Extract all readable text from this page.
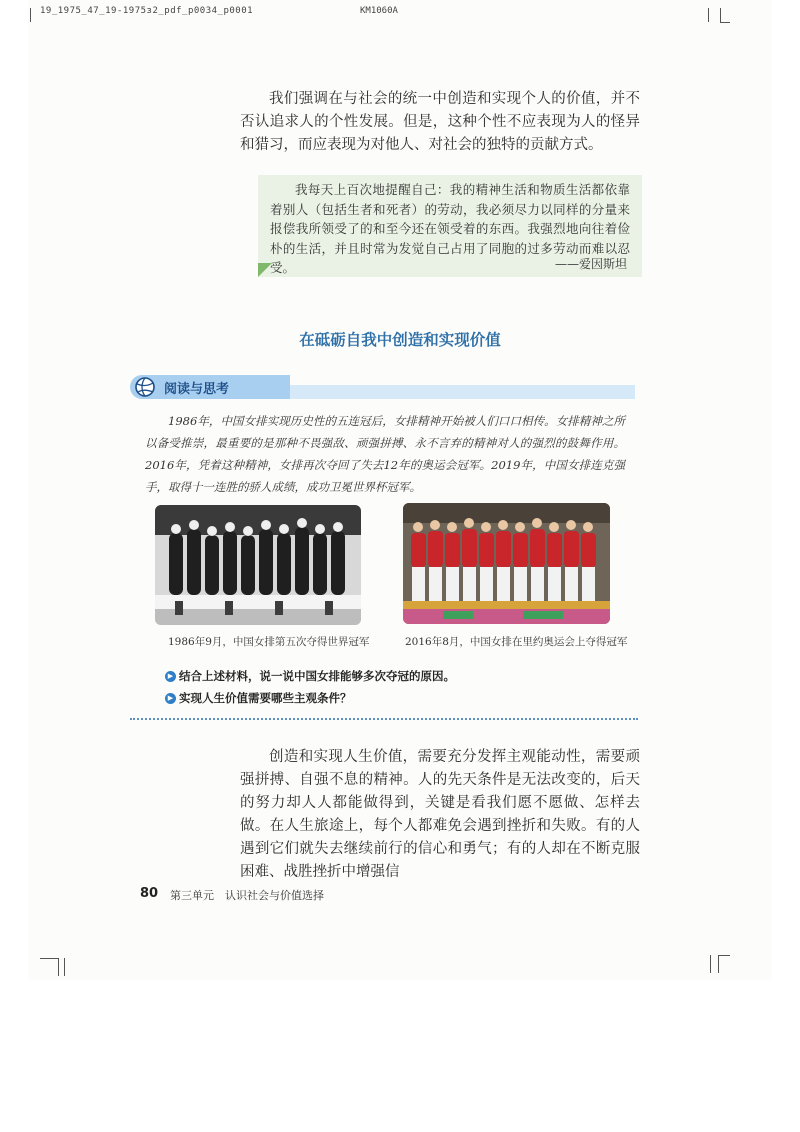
19_1975_47_19-1975з2_pdf_p0034_p0001	KM1060A

我们强调在与社会的统一中创造和实现个人的价值，并不否认追求人的个性发展。但是，这种个性不应表现为人的怪异和猎习，而应表现为对他人、对社会的独特的贡献方式。

我每天上百次地提醒自己：我的精神生活和物质生活都依靠着别人（包括生者和死者）的劳动，我必须尽力以同样的分量来报偿我所领受了的和至今还在领受着的东西。我强烈地向往着俭朴的生活，并且时常为发觉自己占用了同胞的过多劳动而难以忍受。	——爱因斯坦
在砥砺自我中创造和实现价值
阅读与思考

1986年，中国女排实现历史性的五连冠后，女排精神开始被人们口口相传。女排精神之所以备受推崇，最重要的是那种不畏强敌、顽强拼搏、永不言弃的精神对人的强烈的鼓舞作用。2016年，凭着这种精神，女排再次夺回了失去12年的奥运会冠军。2019年，中国女排连克强手，取得十一连胜的骄人成绩，成功卫冕世界杯冠军。

1986年9月，中国女排第五次夺得世界冠军	2016年8月，中国女排在里约奥运会上夺得冠军
▶ 结合上述材料，说一说中国女排能够多次夺冠的原因。
▶ 实现人生价值需要哪些主观条件？

创造和实现人生价值，需要充分发挥主观能动性，需要顽强拼搏、自强不息的精神。人的先天条件是无法改变的，后天的努力却人人都能做得到，关键是看我们愿不愿做、怎样去做。在人生旅途上，每个人都难免会遇到挫折和失败。有的人遇到它们就失去继续前行的信心和勇气；有的人却在不断克服困难、战胜挫折中增强信

80 第三单元　认识社会与价值选择
